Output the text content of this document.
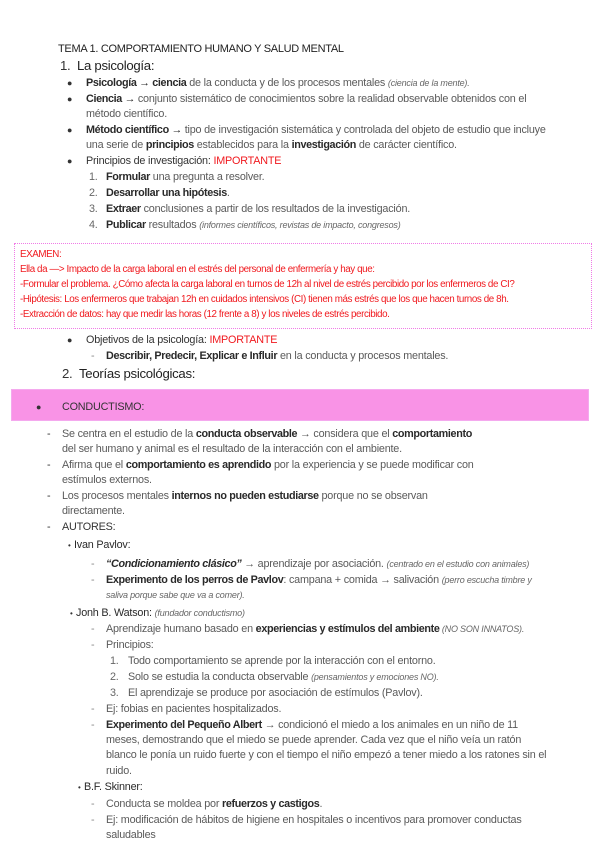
TEMA 1. COMPORTAMIENTO HUMANO Y SALUD MENTAL
1. La psicología:
● Psicología → ciencia de la conducta y de los procesos mentales (ciencia de la mente).
● Ciencia → conjunto sistemático de conocimientos sobre la realidad observable obtenidos con el método científico.
● Método científico → tipo de investigación sistemática y controlada del objeto de estudio que incluye una serie de principios establecidos para la investigación de carácter científico.
● Principios de investigación: IMPORTANTE
1. Formular una pregunta a resolver.
2. Desarrollar una hipótesis.
3. Extraer conclusiones a partir de los resultados de la investigación.
4. Publicar resultados (informes científicos, revistas de impacto, congresos)
EXAMEN:
Ella da —> Impacto de la carga laboral en el estrés del personal de enfermería y hay que:
-Formular el problema. ¿Cómo afecta la carga laboral en turnos de 12h al nivel de estrés percibido por los enfermeros de CI?
-Hipótesis: Los enfermeros que trabajan 12h en cuidados intensivos (CI) tienen más estrés que los que hacen turnos de 8h.
-Extracción de datos: hay que medir las horas (12 frente a 8) y los niveles de estrés percibido.
● Objetivos de la psicología: IMPORTANTE
- Describir, Predecir, Explicar e Influir en la conducta y procesos mentales.
2. Teorías psicológicas:
● CONDUCTISMO:
- Se centra en el estudio de la conducta observable → considera que el comportamiento del ser humano y animal es el resultado de la interacción con el ambiente.
- Afirma que el comportamiento es aprendido por la experiencia y se puede modificar con estímulos externos.
- Los procesos mentales internos no pueden estudiarse porque no se observan directamente.
- AUTORES:
• Ivan Pavlov:
- “Condicionamiento clásico” → aprendizaje por asociación. (centrado en el estudio con animales)
- Experimento de los perros de Pavlov: campana + comida → salivación (perro escucha timbre y saliva porque sabe que va a comer).
• Jonh B. Watson: (fundador conductismo)
- Aprendizaje humano basado en experiencias y estímulos del ambiente (NO SON INNATOS).
- Principios:
1. Todo comportamiento se aprende por la interacción con el entorno.
2. Solo se estudia la conducta observable (pensamientos y emociones NO).
3. El aprendizaje se produce por asociación de estímulos (Pavlov).
- Ej: fobias en pacientes hospitalizados.
- Experimento del Pequeño Albert → condicionó el miedo a los animales en un niño de 11 meses, demostrando que el miedo se puede aprender. Cada vez que el niño veía un ratón blanco le ponía un ruido fuerte y con el tiempo el niño empezó a tener miedo a los ratones sin el ruido.
• B.F. Skinner:
- Conducta se moldea por refuerzos y castigos.
- Ej: modificación de hábitos de higiene en hospitales o incentivos para promover conductas saludables
